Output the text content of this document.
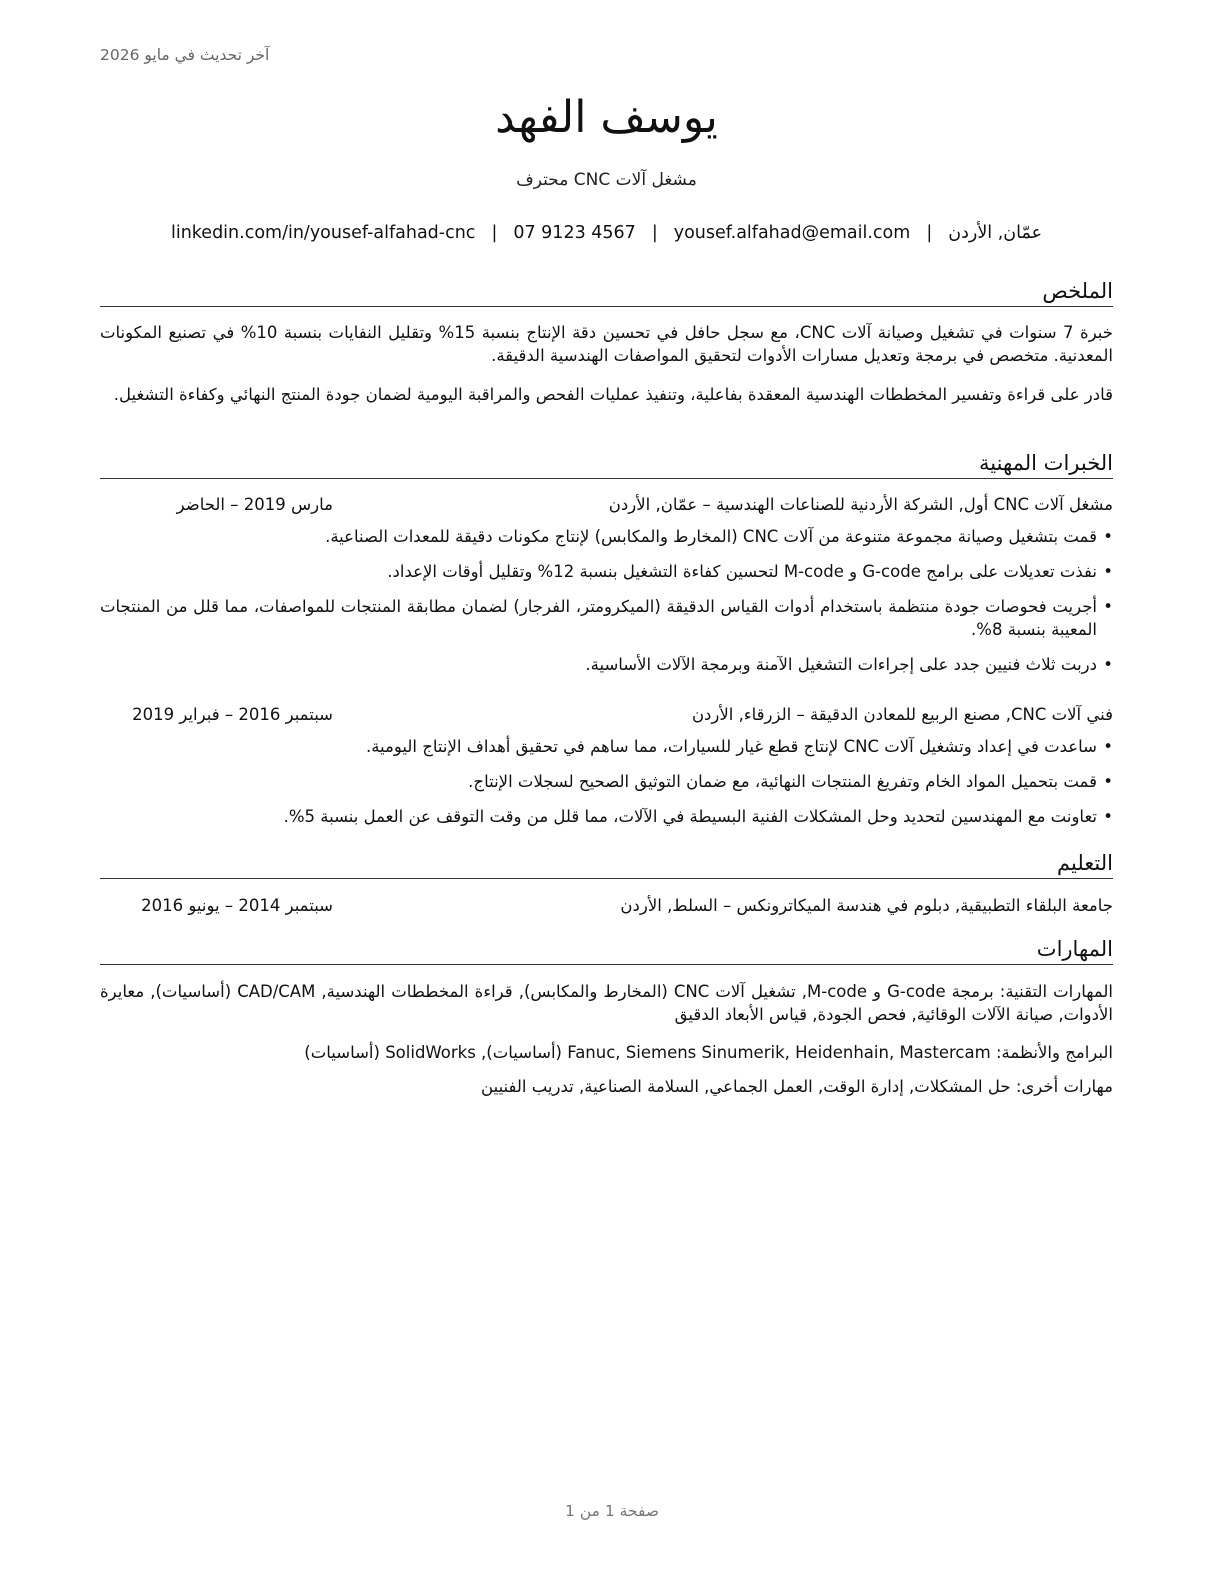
آخر تحديث في مايو 2026
يوسف الفهد
مشغل آلات CNC محترف
عمّان, الأردن
|
yousef.alfahad@email.com
|
07 9123 4567
|
linkedin.com/in/yousef-alfahad-cnc
الملخص
خبرة 7 سنوات في تشغيل وصيانة آلات CNC، مع سجل حافل في تحسين دقة الإنتاج بنسبة 15% وتقليل النفايات بنسبة 10% في تصنيع المكونات المعدنية. متخصص في برمجة وتعديل مسارات الأدوات لتحقيق المواصفات الهندسية الدقيقة.
قادر على قراءة وتفسير المخططات الهندسية المعقدة بفاعلية، وتنفيذ عمليات الفحص والمراقبة اليومية لضمان جودة المنتج النهائي وكفاءة التشغيل.
الخبرات المهنية
مشغل آلات CNC أول, الشركة الأردنية للصناعات الهندسية – عمّان, الأردن
مارس 2019 – الحاضر
•
قمت بتشغيل وصيانة مجموعة متنوعة من آلات CNC (المخارط والمكابس) لإنتاج مكونات دقيقة للمعدات الصناعية.
•
نفذت تعديلات على برامج G-code و M-code لتحسين كفاءة التشغيل بنسبة 12% وتقليل أوقات الإعداد.
•
أجريت فحوصات جودة منتظمة باستخدام أدوات القياس الدقيقة (الميكرومتر، الفرجار) لضمان مطابقة المنتجات للمواصفات، مما قلل من المنتجات المعيبة بنسبة 8%.
•
دربت ثلاث فنيين جدد على إجراءات التشغيل الآمنة وبرمجة الآلات الأساسية.
فني آلات CNC, مصنع الربيع للمعادن الدقيقة – الزرقاء, الأردن
سبتمبر 2016 – فبراير 2019
•
ساعدت في إعداد وتشغيل آلات CNC لإنتاج قطع غيار للسيارات، مما ساهم في تحقيق أهداف الإنتاج اليومية.
•
قمت بتحميل المواد الخام وتفريغ المنتجات النهائية، مع ضمان التوثيق الصحيح لسجلات الإنتاج.
•
تعاونت مع المهندسين لتحديد وحل المشكلات الفنية البسيطة في الآلات، مما قلل من وقت التوقف عن العمل بنسبة 5%.
التعليم
جامعة البلقاء التطبيقية, دبلوم في هندسة الميكاترونكس – السلط, الأردن
سبتمبر 2014 – يونيو 2016
المهارات
المهارات التقنية: برمجة G-code و M-code, تشغيل آلات CNC (المخارط والمكابس), قراءة المخططات الهندسية, CAD/CAM (أساسيات), معايرة الأدوات, صيانة الآلات الوقائية, فحص الجودة, قياس الأبعاد الدقيق
البرامج والأنظمة: Fanuc, Siemens Sinumerik, Heidenhain, Mastercam (أساسيات), SolidWorks (أساسيات)
مهارات أخرى: حل المشكلات, إدارة الوقت, العمل الجماعي, السلامة الصناعية, تدريب الفنيين
صفحة 1 من 1
